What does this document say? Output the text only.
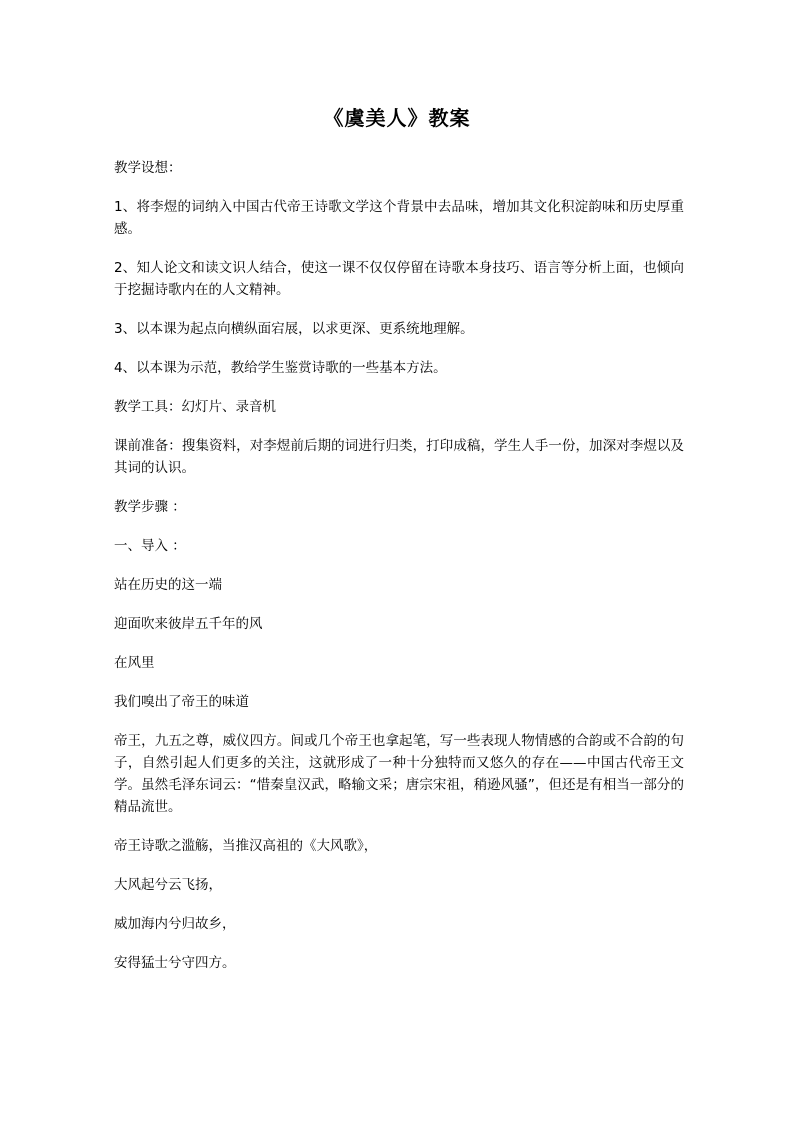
《虞美人》教案

教学设想：

1、将李煜的词纳入中国古代帝王诗歌文学这个背景中去品味，增加其文化积淀韵味和历史厚重感。

2、知人论文和读文识人结合，使这一课不仅仅停留在诗歌本身技巧、语言等分析上面，也倾向于挖掘诗歌内在的人文精神。

3、以本课为起点向横纵面宕展，以求更深、更系统地理解。

4、以本课为示范，教给学生鉴赏诗歌的一些基本方法。

教学工具：幻灯片、录音机

课前准备：搜集资料，对李煜前后期的词进行归类，打印成稿，学生人手一份，加深对李煜以及其词的认识。

教学步骤 ：

一、导入 ：

站在历史的这一端

迎面吹来彼岸五千年的风

在风里

我们嗅出了帝王的味道

帝王，九五之尊，威仪四方。间或几个帝王也拿起笔，写一些表现人物情感的合韵或不合韵的句子，自然引起人们更多的关注，这就形成了一种十分独特而又悠久的存在——中国古代帝王文学。虽然毛泽东词云：“惜秦皇汉武，略输文采；唐宗宋祖，稍逊风骚”，但还是有相当一部分的精品流世。

帝王诗歌之滥觞，当推汉高祖的《大风歌》，

大风起兮云飞扬，

威加海内兮归故乡，

安得猛士兮守四方。
